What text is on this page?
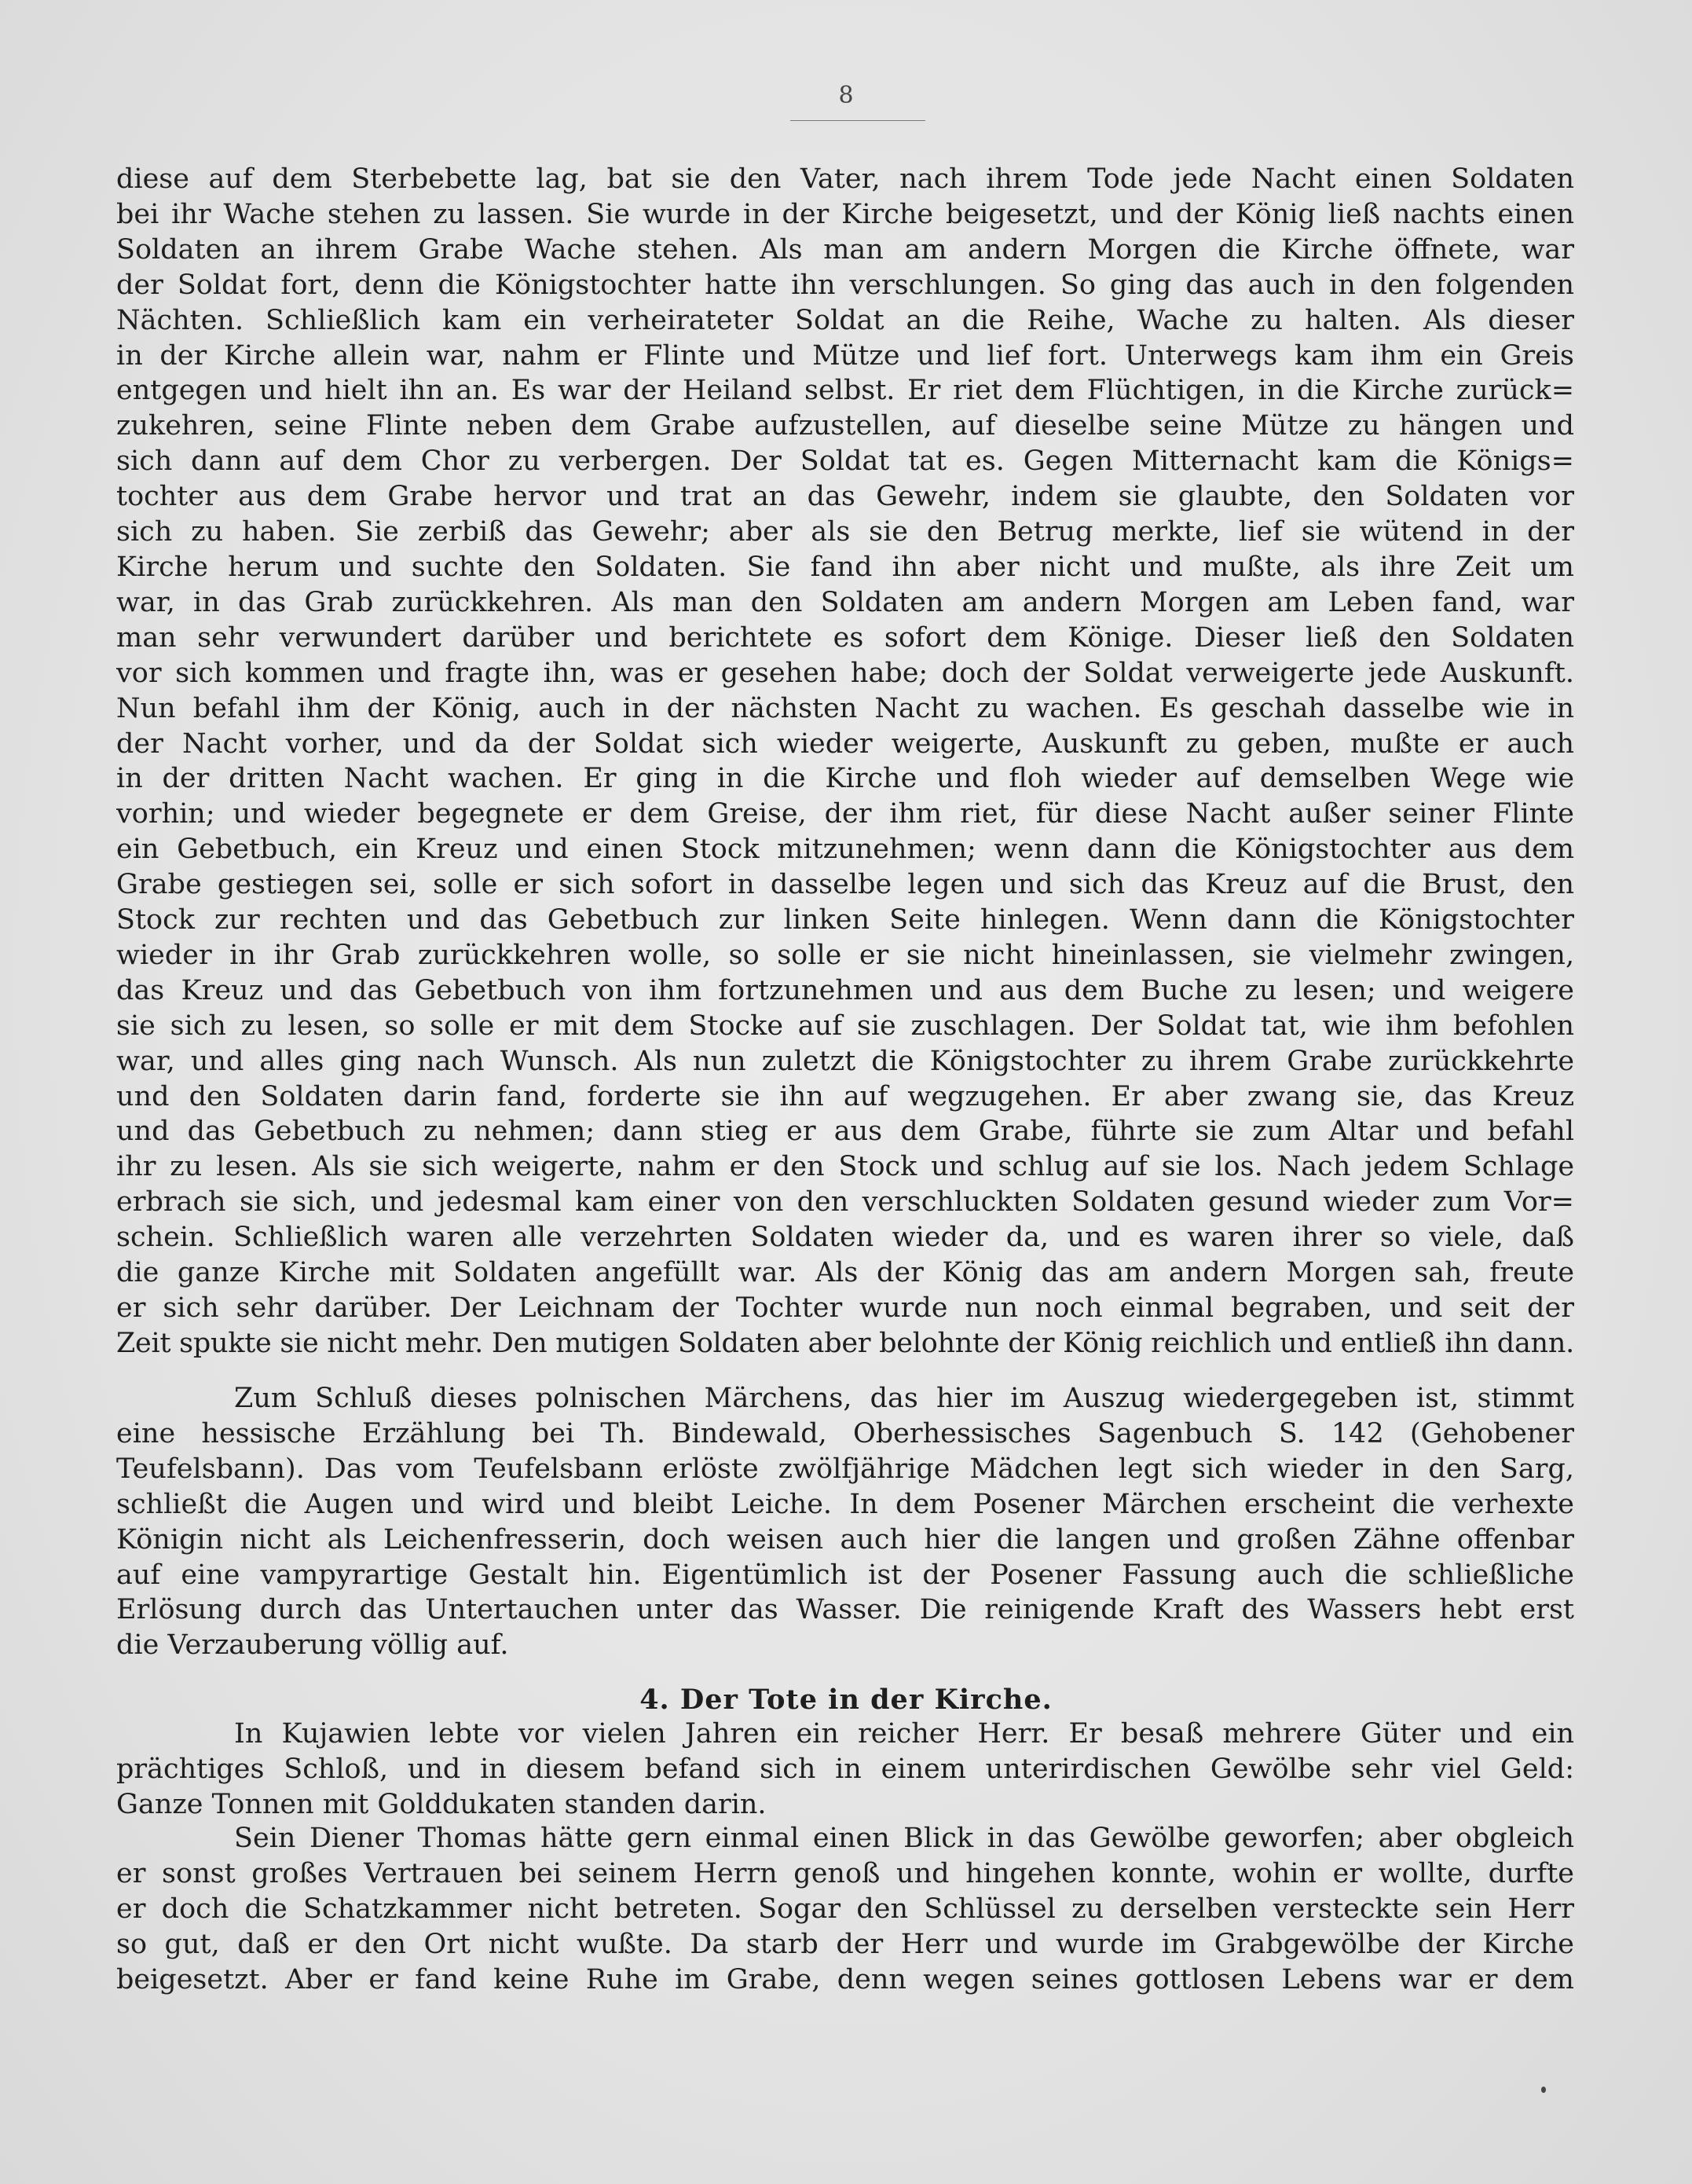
8
diese auf dem Sterbebette lag, bat sie den Vater, nach ihrem Tode jede Nacht einen Soldaten
bei ihr Wache stehen zu lassen. Sie wurde in der Kirche beigesetzt, und der König ließ nachts einen
Soldaten an ihrem Grabe Wache stehen. Als man am andern Morgen die Kirche öffnete, war
der Soldat fort, denn die Königstochter hatte ihn verschlungen. So ging das auch in den folgenden
Nächten. Schließlich kam ein verheirateter Soldat an die Reihe, Wache zu halten. Als dieser
in der Kirche allein war, nahm er Flinte und Mütze und lief fort. Unterwegs kam ihm ein Greis
entgegen und hielt ihn an. Es war der Heiland selbst. Er riet dem Flüchtigen, in die Kirche zurück=
zukehren, seine Flinte neben dem Grabe aufzustellen, auf dieselbe seine Mütze zu hängen und
sich dann auf dem Chor zu verbergen. Der Soldat tat es. Gegen Mitternacht kam die Königs=
tochter aus dem Grabe hervor und trat an das Gewehr, indem sie glaubte, den Soldaten vor
sich zu haben. Sie zerbiß das Gewehr; aber als sie den Betrug merkte, lief sie wütend in der
Kirche herum und suchte den Soldaten. Sie fand ihn aber nicht und mußte, als ihre Zeit um
war, in das Grab zurückkehren. Als man den Soldaten am andern Morgen am Leben fand, war
man sehr verwundert darüber und berichtete es sofort dem Könige. Dieser ließ den Soldaten
vor sich kommen und fragte ihn, was er gesehen habe; doch der Soldat verweigerte jede Auskunft.
Nun befahl ihm der König, auch in der nächsten Nacht zu wachen. Es geschah dasselbe wie in
der Nacht vorher, und da der Soldat sich wieder weigerte, Auskunft zu geben, mußte er auch
in der dritten Nacht wachen. Er ging in die Kirche und floh wieder auf demselben Wege wie
vorhin; und wieder begegnete er dem Greise, der ihm riet, für diese Nacht außer seiner Flinte
ein Gebetbuch, ein Kreuz und einen Stock mitzunehmen; wenn dann die Königstochter aus dem
Grabe gestiegen sei, solle er sich sofort in dasselbe legen und sich das Kreuz auf die Brust, den
Stock zur rechten und das Gebetbuch zur linken Seite hinlegen. Wenn dann die Königstochter
wieder in ihr Grab zurückkehren wolle, so solle er sie nicht hineinlassen, sie vielmehr zwingen,
das Kreuz und das Gebetbuch von ihm fortzunehmen und aus dem Buche zu lesen; und weigere
sie sich zu lesen, so solle er mit dem Stocke auf sie zuschlagen. Der Soldat tat, wie ihm befohlen
war, und alles ging nach Wunsch. Als nun zuletzt die Königstochter zu ihrem Grabe zurückkehrte
und den Soldaten darin fand, forderte sie ihn auf wegzugehen. Er aber zwang sie, das Kreuz
und das Gebetbuch zu nehmen; dann stieg er aus dem Grabe, führte sie zum Altar und befahl
ihr zu lesen. Als sie sich weigerte, nahm er den Stock und schlug auf sie los. Nach jedem Schlage
erbrach sie sich, und jedesmal kam einer von den verschluckten Soldaten gesund wieder zum Vor=
schein. Schließlich waren alle verzehrten Soldaten wieder da, und es waren ihrer so viele, daß
die ganze Kirche mit Soldaten angefüllt war. Als der König das am andern Morgen sah, freute
er sich sehr darüber. Der Leichnam der Tochter wurde nun noch einmal begraben, und seit der
Zeit spukte sie nicht mehr. Den mutigen Soldaten aber belohnte der König reichlich und entließ ihn dann.
Zum Schluß dieses polnischen Märchens, das hier im Auszug wiedergegeben ist, stimmt
eine hessische Erzählung bei Th. Bindewald, Oberhessisches Sagenbuch S. 142 (Gehobener
Teufelsbann). Das vom Teufelsbann erlöste zwölfjährige Mädchen legt sich wieder in den Sarg,
schließt die Augen und wird und bleibt Leiche. In dem Posener Märchen erscheint die verhexte
Königin nicht als Leichenfresserin, doch weisen auch hier die langen und großen Zähne offenbar
auf eine vampyrartige Gestalt hin. Eigentümlich ist der Posener Fassung auch die schließliche
Erlösung durch das Untertauchen unter das Wasser. Die reinigende Kraft des Wassers hebt erst
die Verzauberung völlig auf.
4. Der Tote in der Kirche.
In Kujawien lebte vor vielen Jahren ein reicher Herr. Er besaß mehrere Güter und ein
prächtiges Schloß, und in diesem befand sich in einem unterirdischen Gewölbe sehr viel Geld:
Ganze Tonnen mit Golddukaten standen darin.
Sein Diener Thomas hätte gern einmal einen Blick in das Gewölbe geworfen; aber obgleich
er sonst großes Vertrauen bei seinem Herrn genoß und hingehen konnte, wohin er wollte, durfte
er doch die Schatzkammer nicht betreten. Sogar den Schlüssel zu derselben versteckte sein Herr
so gut, daß er den Ort nicht wußte. Da starb der Herr und wurde im Grabgewölbe der Kirche
beigesetzt. Aber er fand keine Ruhe im Grabe, denn wegen seines gottlosen Lebens war er dem
